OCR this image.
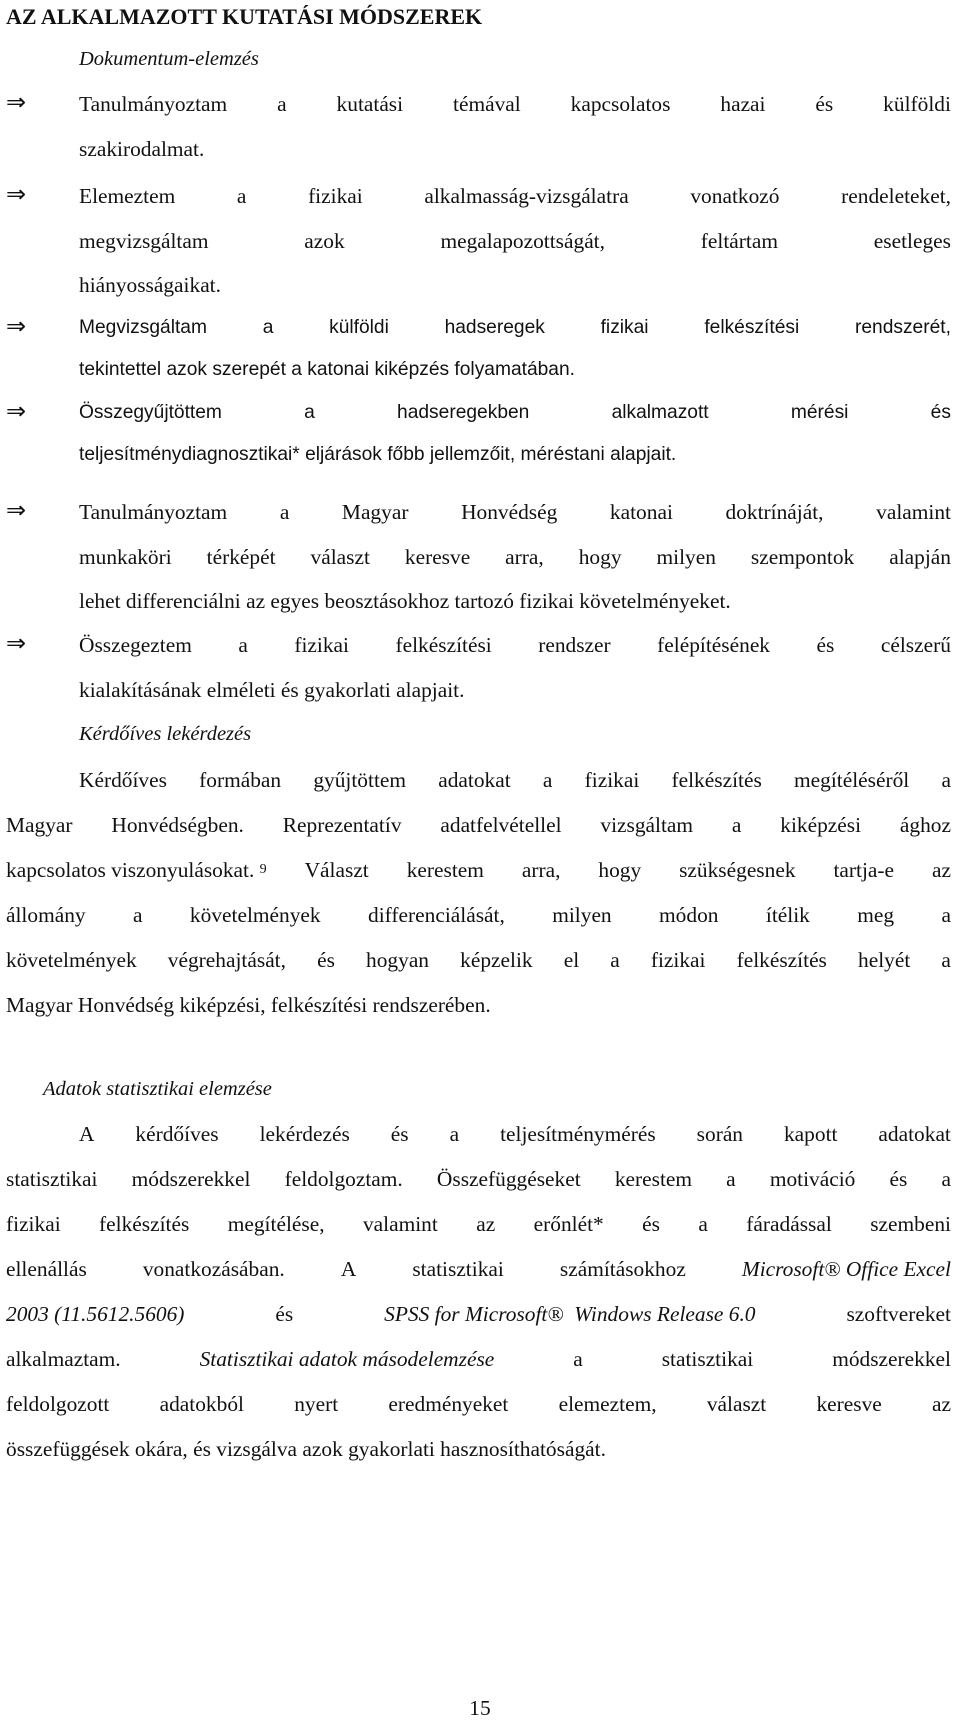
AZ ALKALMAZOTT KUTATÁSI MÓDSZEREK
Dokumentum-elemzés
⇒ Tanulmányoztam a kutatási témával kapcsolatos hazai és külföldi
szakirodalmat.
⇒ Elemeztem	a	fizikai	alkalmasság-vizsgálatra	vonatkozó	rendeleteket,
megvizsgáltam	azok	megalapozottságát,	feltártam	esetleges
hiányosságaikat.
⇒	Megvizsgáltam	a	külföldi	hadseregek	fizikai	felkészítési	rendszerét,
tekintettel azok szerepét a katonai kiképzés folyamatában.
⇒	Összegyűjtöttem	a	hadseregekben	alkalmazott	mérési	és
teljesítménydiagnosztikai* eljárások főbb jellemzőit, méréstani alapjait.
⇒ Tanulmányoztam a Magyar Honvédség katonai doktrínáját, valamint
munkaköri térképét választ keresve arra, hogy milyen szempontok alapján
lehet differenciálni az egyes beosztásokhoz tartozó fizikai követelményeket.
⇒ Összegeztem a fizikai felkészítési rendszer felépítésének és célszerű
kialakításának elméleti és gyakorlati alapjait.
Kérdőíves lekérdezés
Kérdőíves formában gyűjtöttem adatokat a fizikai felkészítés megítéléséről a
Magyar Honvédségben. Reprezentatív adatfelvétellel vizsgáltam a kiképzési ághoz
kapcsolatos viszonyulásokat. $^9$ Választ kerestem arra, hogy szükségesnek tartja-e az
állomány a követelmények differenciálását, milyen módon ítélik meg a
követelmények végrehajtását, és hogyan képzelik el a fizikai felkészítés helyét a
Magyar Honvédség kiképzési, felkészítési rendszerében.
Adatok statisztikai elemzése
A kérdőíves lekérdezés és a teljesítménymérés során kapott adatokat
statisztikai módszerekkel feldolgoztam. Összefüggéseket kerestem a motiváció és a
fizikai felkészítés megítélése, valamint az erőnlét* és a fáradással szembeni
ellenállás	vonatkozásában.	A	statisztikai	számításokhoz	Microsoft® Office Excel
2003 (11.5612.5606)	és	SPSS for Microsoft®  Windows Release 6.0	szoftvereket
alkalmaztam.	Statisztikai adatok másodelemzése	a	statisztikai	módszerekkel
feldolgozott adatokból nyert eredményeket elemeztem, választ keresve az
összefüggések okára, és vizsgálva azok gyakorlati hasznosíthatóságát.
15
